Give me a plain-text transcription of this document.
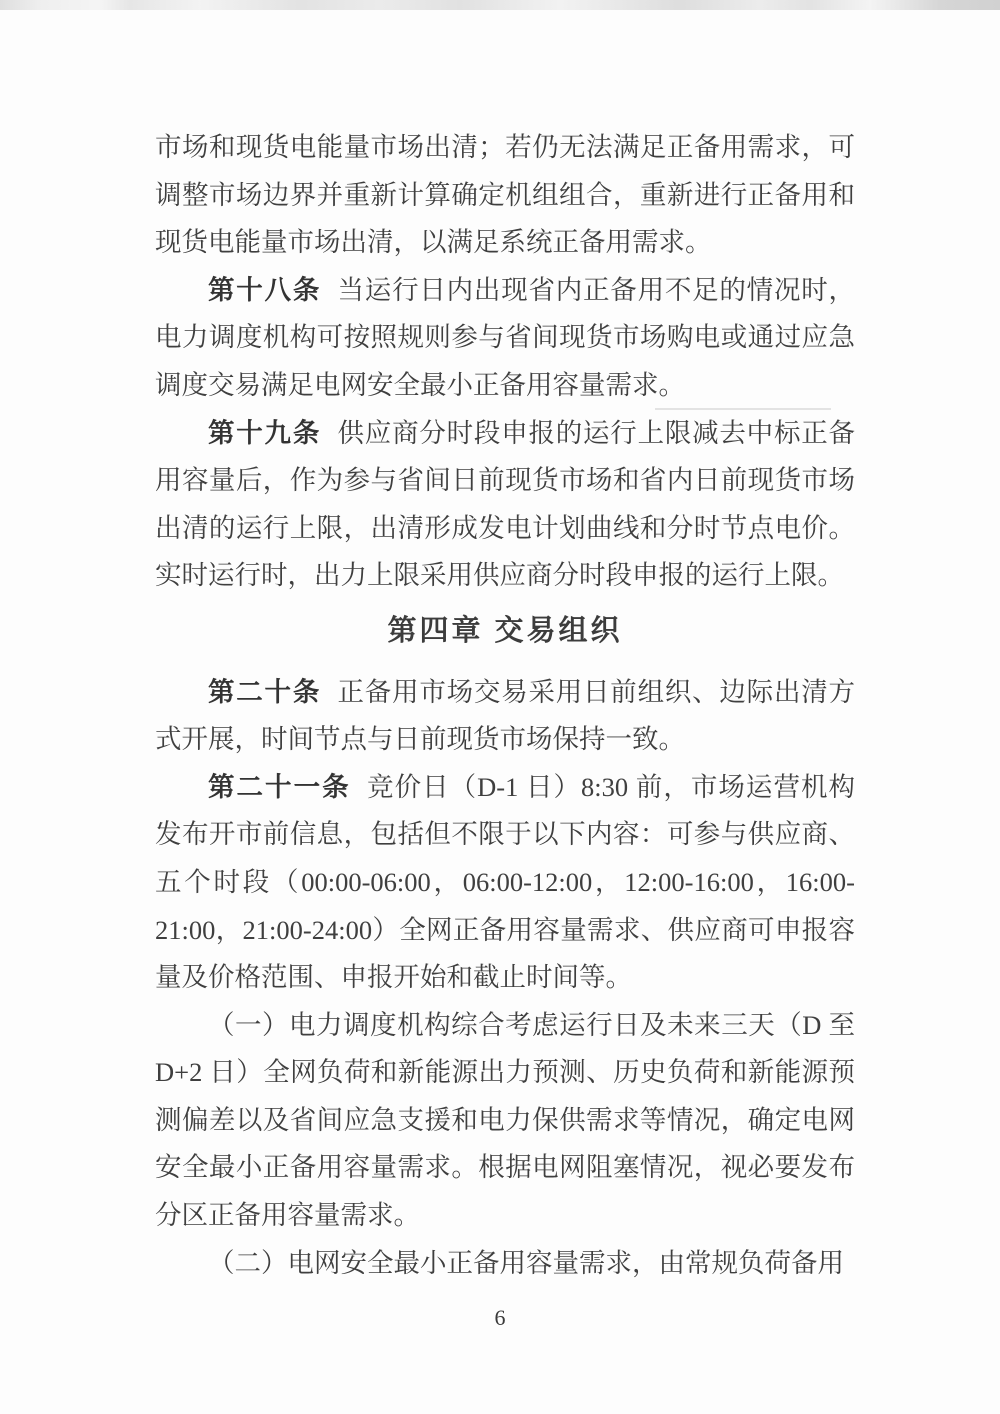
市场和现货电能量市场出清；若仍无法满足正备用需求，可调整市场边界并重新计算确定机组组合，重新进行正备用和现货电能量市场出清，以满足系统正备用需求。
第十八条 当运行日内出现省内正备用不足的情况时，电力调度机构可按照规则参与省间现货市场购电或通过应急调度交易满足电网安全最小正备用容量需求。
第十九条 供应商分时段申报的运行上限减去中标正备用容量后，作为参与省间日前现货市场和省内日前现货市场出清的运行上限，出清形成发电计划曲线和分时节点电价。实时运行时，出力上限采用供应商分时段申报的运行上限。
第四章 交易组织
第二十条 正备用市场交易采用日前组织、边际出清方式开展，时间节点与日前现货市场保持一致。
第二十一条 竞价日（D-1 日）8:30 前，市场运营机构发布开市前信息，包括但不限于以下内容：可参与供应商、五个时段（00:00-06:00，06:00-12:00，12:00-16:00，16:00-21:00，21:00-24:00）全网正备用容量需求、供应商可申报容量及价格范围、申报开始和截止时间等。
（一）电力调度机构综合考虑运行日及未来三天（D 至 D+2 日）全网负荷和新能源出力预测、历史负荷和新能源预测偏差以及省间应急支援和电力保供需求等情况，确定电网安全最小正备用容量需求。根据电网阻塞情况，视必要发布分区正备用容量需求。
（二）电网安全最小正备用容量需求，由常规负荷备用
6
